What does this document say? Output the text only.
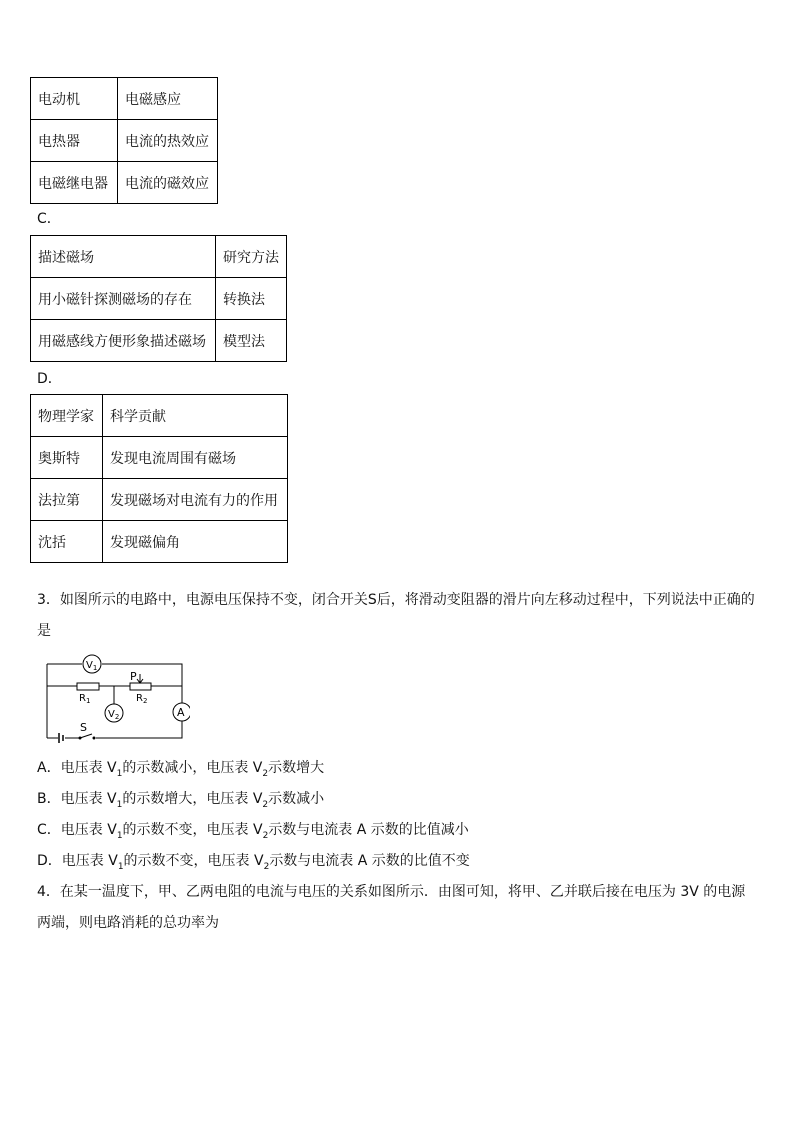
电动机	电磁感应
电热器	电流的热效应
电磁继电器	电流的磁效应
C．
描述磁场	研究方法
用小磁针探测磁场的存在	转换法
用磁感线方便形象描述磁场	模型法
D．
物理学家	科学贡献
奥斯特	发现电流周围有磁场
法拉第	发现磁场对电流有力的作用
沈括	发现磁偏角
3．如图所示的电路中，电源电压保持不变，闭合开关S后，将滑动变阻器的滑片向左移动过程中，下列说法中正确的是
$V_1$
$R_1$
P
$R_2$
$V_2$	A
S
A．电压表 $V_1$的示数减小，电压表 $V_2$示数增大
B．电压表 $V_1$的示数增大，电压表 $V_2$示数减小
C．电压表 $V_1$的示数不变，电压表 $V_2$示数与电流表 A 示数的比值减小
D．电压表 $V_1$的示数不变，电压表 $V_2$示数与电流表 A 示数的比值不变
4．在某一温度下，甲、乙两电阻的电流与电压的关系如图所示．由图可知，将甲、乙并联后接在电压为 3V 的电源两端，则电路消耗的总功率为
